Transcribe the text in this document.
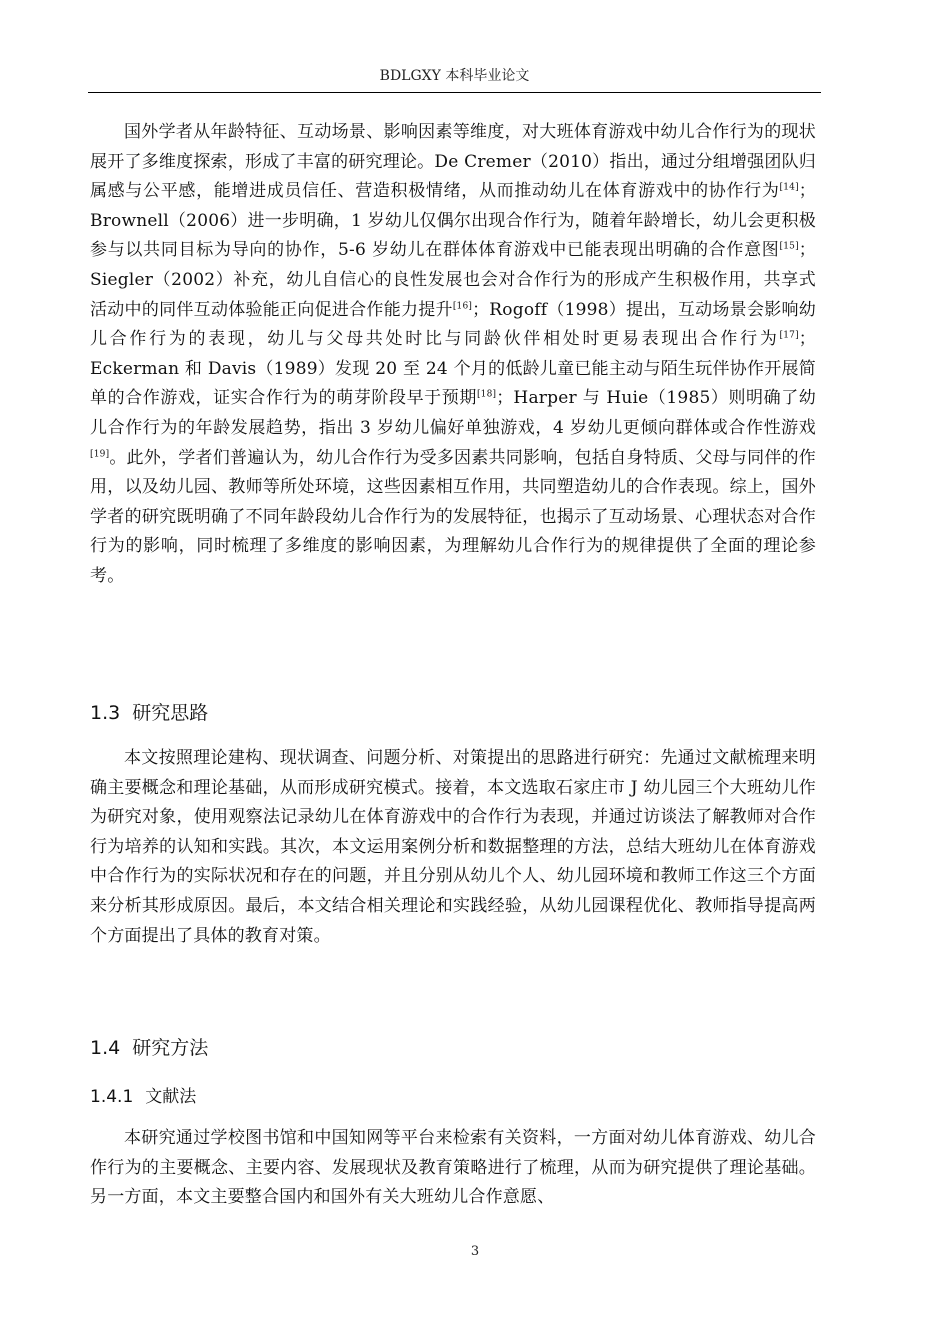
BDLGXY 本科毕业论文

国外学者从年龄特征、互动场景、影响因素等维度，对大班体育游戏中幼儿合作行为的现状展开了多维度探索，形成了丰富的研究理论。De Cremer（2010）指出，通过分组增强团队归属感与公平感，能增进成员信任、营造积极情绪，从而推动幼儿在体育游戏中的协作行为[14]；Brownell（2006）进一步明确，1 岁幼儿仅偶尔出现合作行为，随着年龄增长，幼儿会更积极参与以共同目标为导向的协作，5-6 岁幼儿在群体体育游戏中已能表现出明确的合作意图[15]；Siegler（2002）补充，幼儿自信心的良性发展也会对合作行为的形成产生积极作用，共享式活动中的同伴互动体验能正向促进合作能力提升[16]；Rogoff（1998）提出，互动场景会影响幼儿合作行为的表现，幼儿与父母共处时比与同龄伙伴相处时更易表现出合作行为[17]；Eckerman 和 Davis（1989）发现 20 至 24 个月的低龄儿童已能主动与陌生玩伴协作开展简单的合作游戏，证实合作行为的萌芽阶段早于预期[18]；Harper 与 Huie（1985）则明确了幼儿合作行为的年龄发展趋势，指出 3 岁幼儿偏好单独游戏，4 岁幼儿更倾向群体或合作性游戏[19]。此外，学者们普遍认为，幼儿合作行为受多因素共同影响，包括自身特质、父母与同伴的作用，以及幼儿园、教师等所处环境，这些因素相互作用，共同塑造幼儿的合作表现。综上，国外学者的研究既明确了不同年龄段幼儿合作行为的发展特征，也揭示了互动场景、心理状态对合作行为的影响，同时梳理了多维度的影响因素，为理解幼儿合作行为的规律提供了全面的理论参考。

1.3 研究思路

本文按照理论建构、现状调查、问题分析、对策提出的思路进行研究：先通过文献梳理来明确主要概念和理论基础，从而形成研究模式。接着，本文选取石家庄市 J 幼儿园三个大班幼儿作为研究对象，使用观察法记录幼儿在体育游戏中的合作行为表现，并通过访谈法了解教师对合作行为培养的认知和实践。其次，本文运用案例分析和数据整理的方法，总结大班幼儿在体育游戏中合作行为的实际状况和存在的问题，并且分别从幼儿个人、幼儿园环境和教师工作这三个方面来分析其形成原因。最后，本文结合相关理论和实践经验，从幼儿园课程优化、教师指导提高两个方面提出了具体的教育对策。

1.4 研究方法
1.4.1 文献法

本研究通过学校图书馆和中国知网等平台来检索有关资料，一方面对幼儿体育游戏、幼儿合作行为的主要概念、主要内容、发展现状及教育策略进行了梳理，从而为研究提供了理论基础。另一方面，本文主要整合国内和国外有关大班幼儿合作意愿、

3
